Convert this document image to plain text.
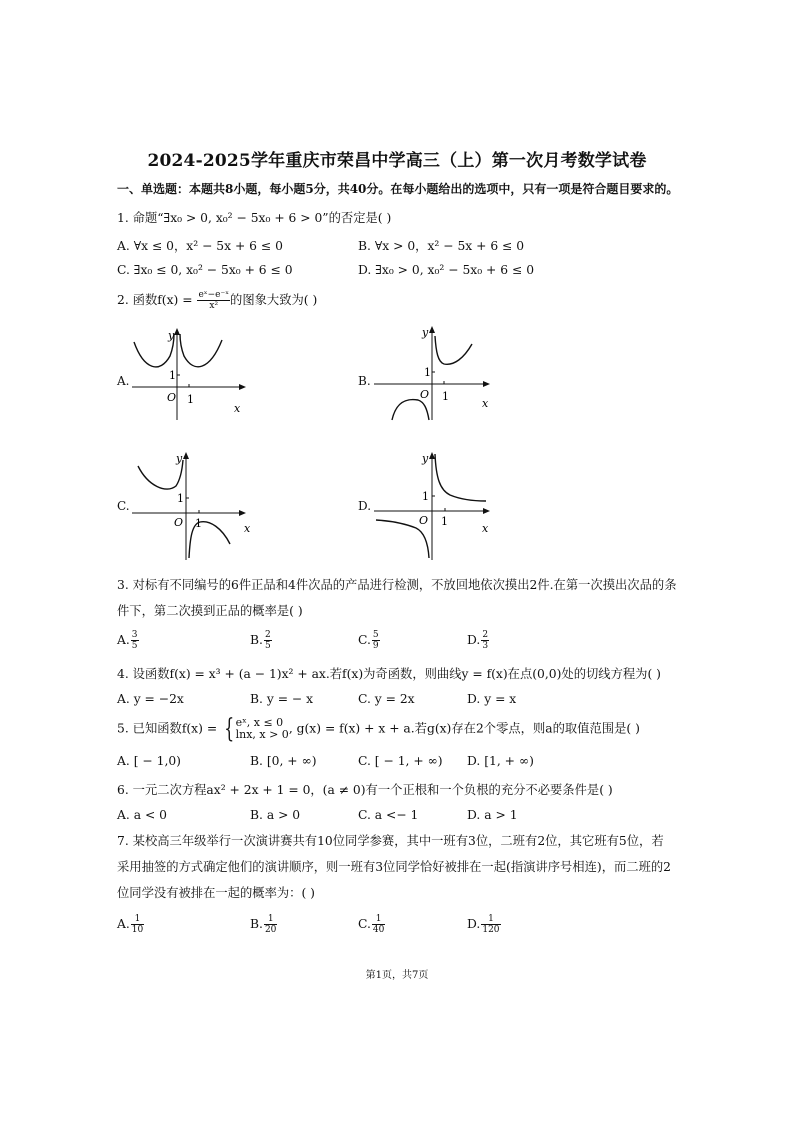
2024-2025学年重庆市荣昌中学高三（上）第一次月考数学试卷
一、单选题：本题共8小题，每小题5分，共40分。在每小题给出的选项中，只有一项是符合题目要求的。
1. 命题“∃x₀ > 0, x₀² − 5x₀ + 6 > 0”的否定是( )
A. ∀x ≤ 0，x² − 5x + 6 ≤ 0	B. ∀x > 0，x² − 5x + 6 ≤ 0
C. ∃x₀ ≤ 0, x₀² − 5x₀ + 6 ≤ 0	D. ∃x₀ > 0, x₀² − 5x₀ + 6 ≤ 0
2. 函数$f(x) = \frac{\text{eˣ−e⁻ˣ}}{\text{x²}}$ 的图象大致为( )
A.
y
x
O
1
1
B.
y
x
O
1
1
C.
y
x
O
1
1
D.
y
x
O
1
1
3. 对标有不同编号的6件正品和4件次品的产品进行检测，不放回地依次摸出2件.在第一次摸出次品的条
件下，第二次摸到正品的概率是( )
A. $\frac{3}{5}$	B. $\frac{2}{5}$	C. $\frac{5}{9}$	D. $\frac{2}{3}$
4. 设函数f(x) = x³ + (a − 1)x² + ax.若f(x)为奇函数，则曲线y = f(x)在点(0,0)处的切线方程为( )
A. y = −2x	B. y = − x	C. y = 2x	D. y = x
5. 已知函数f(x) = { eˣ, x ≤ 0
lnx, x > 0 , g(x) = f(x) + x + a.若g(x)存在2个零点，则a的取值范围是( )
A. [ − 1,0)	B. [0, + ∞)	C. [ − 1, + ∞) D. [1, + ∞)
6. 一元二次方程ax² + 2x + 1 = 0，(a ≠ 0)有一个正根和一个负根的充分不必要条件是( )
A. a < 0	B. a > 0	C. a <− 1	D. a > 1
7. 某校高三年级举行一次演讲赛共有10位同学参赛，其中一班有3位，二班有2位，其它班有5位，若
采用抽签的方式确定他们的演讲顺序，则一班有3位同学恰好被排在一起(指演讲序号相连)，而二班的2
位同学没有被排在一起的概率为：( )
A. $\frac{1}{10}$	B. $\frac{1}{20}$	C. $\frac{1}{40}$	D. $\frac{1}{120}$
第1页，共7页
